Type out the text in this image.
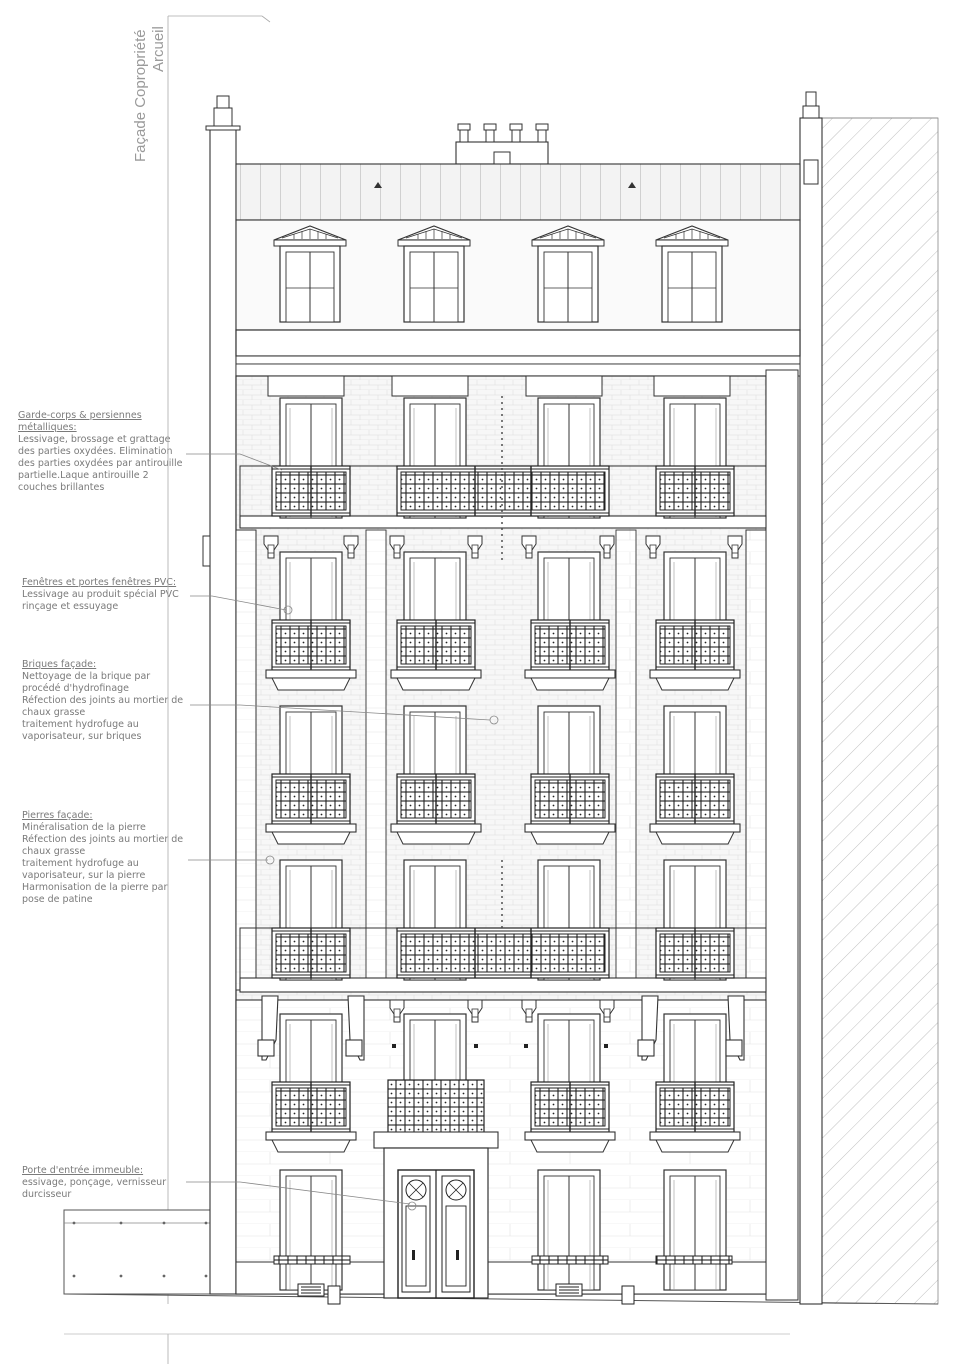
Façade Copropriété Arcueil
Garde-corps & persiennes métalliques:
Lessivage, brossage et grattage
des parties oxydées. Elimination
des parties oxydées par antirouille
partielle.Laque antirouille 2
couches brillantes
Fenêtres et portes fenêtres PVC:
Lessivage au produit spécial PVC
rinçage et essuyage
Briques façade:
Nettoyage de la brique par
procédé d'hydrofinage
Réfection des joints au mortier de
chaux grasse
traitement hydrofuge au
vaporisateur, sur briques
Pierres façade:
Minéralisation de la pierre
Réfection des joints au mortier de
chaux grasse
traitement hydrofuge au
vaporisateur, sur la pierre
Harmonisation de la pierre par
pose de patine
Porte d'entrée immeuble:
essivage, ponçage, vernisseur
durcisseur
